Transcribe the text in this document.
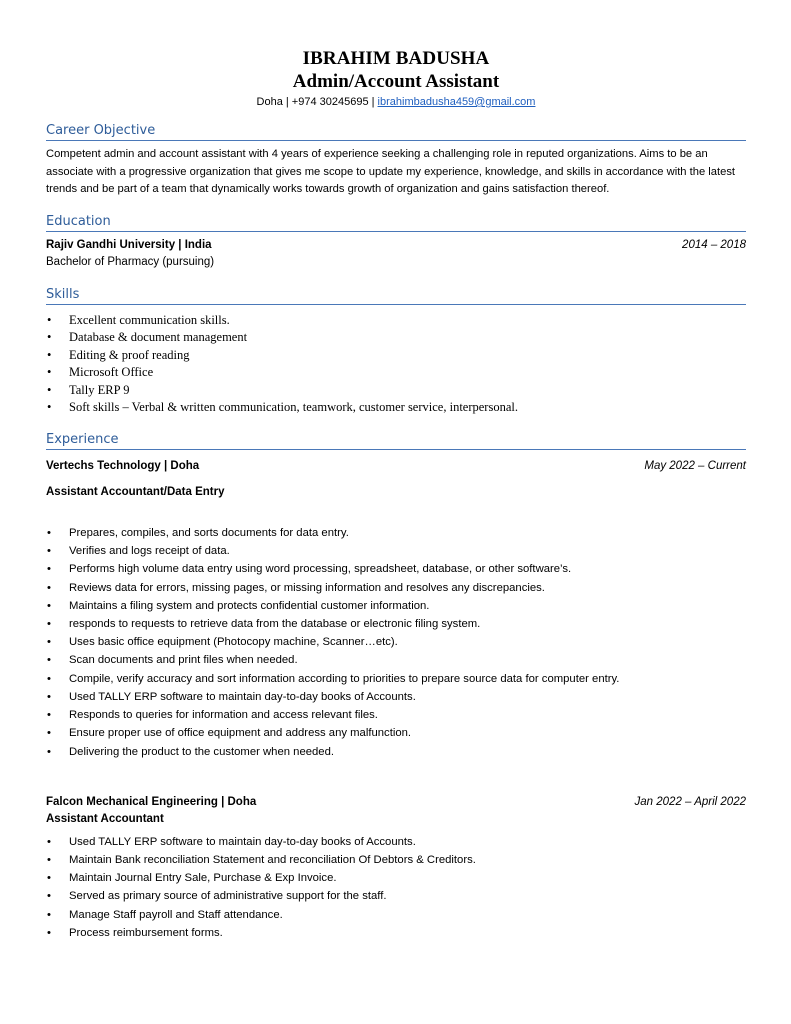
IBRAHIM BADUSHA
Admin/Account Assistant
Doha | +974 30245695 | ibrahimbadusha459@gmail.com
Career Objective
Competent admin and account assistant with 4 years of experience seeking a challenging role in reputed organizations. Aims to be an associate with a progressive organization that gives me scope to update my experience, knowledge, and skills in accordance with the latest trends and be part of a team that dynamically works towards growth of organization and gains satisfaction thereof.
Education
Rajiv Gandhi University | India	2014 – 2018
Bachelor of Pharmacy (pursuing)
Skills
• Excellent communication skills.
• Database & document management
• Editing & proof reading
• Microsoft Office
• Tally ERP 9
• Soft skills – Verbal & written communication, teamwork, customer service, interpersonal.
Experience
Vertechs Technology | Doha	May 2022 – Current
Assistant Accountant/Data Entry
• Prepares, compiles, and sorts documents for data entry.
• Verifies and logs receipt of data.
• Performs high volume data entry using word processing, spreadsheet, database, or other software’s.
• Reviews data for errors, missing pages, or missing information and resolves any discrepancies.
• Maintains a filing system and protects confidential customer information.
• responds to requests to retrieve data from the database or electronic filing system.
• Uses basic office equipment (Photocopy machine, Scanner…etc).
• Scan documents and print files when needed.
• Compile, verify accuracy and sort information according to priorities to prepare source data for computer entry.
• Used TALLY ERP software to maintain day-to-day books of Accounts.
• Responds to queries for information and access relevant files.
• Ensure proper use of office equipment and address any malfunction.
• Delivering the product to the customer when needed.
Falcon Mechanical Engineering | Doha	Jan 2022 – April 2022
Assistant Accountant
• Used TALLY ERP software to maintain day-to-day books of Accounts.
• Maintain Bank reconciliation Statement and reconciliation Of Debtors & Creditors.
• Maintain Journal Entry Sale, Purchase & Exp Invoice.
• Served as primary source of administrative support for the staff.
• Manage Staff payroll and Staff attendance.
• Process reimbursement forms.
